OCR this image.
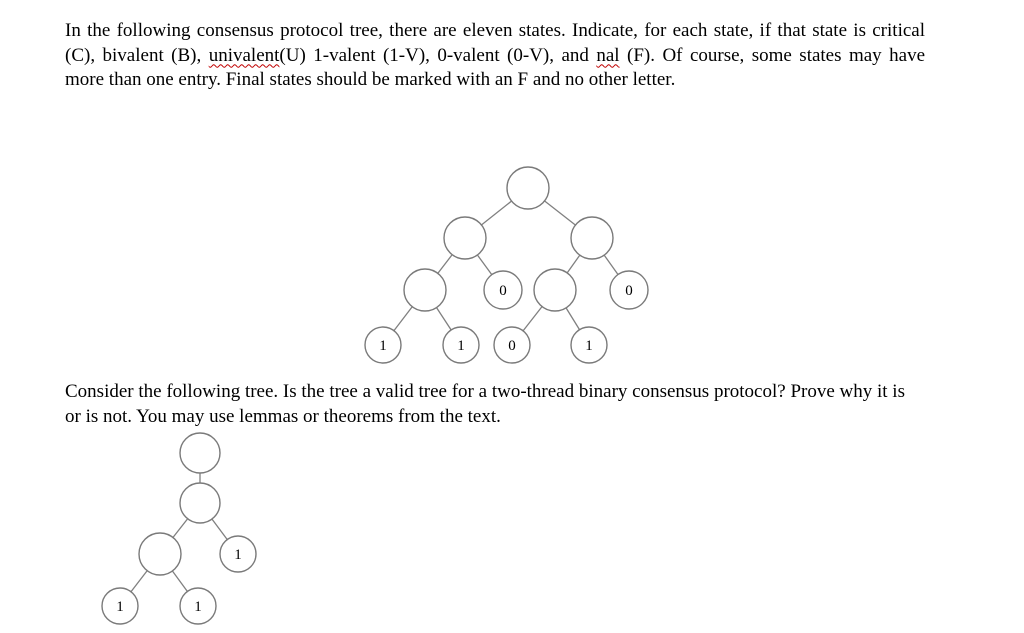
In the following consensus protocol tree, there are eleven states. Indicate, for each state, if that state is critical (C), bivalent (B), univalent(U) 1-valent (1-V), 0-valent (0-V), and nal (F). Of course, some states may have more than one entry. Final states should be marked with an F and no other letter.

0	0
1	1	0	1

Consider the following tree. Is the tree a valid tree for a two-thread binary consensus protocol? Prove why it is or is not. You may use lemmas or theorems from the text.

1
1	1
